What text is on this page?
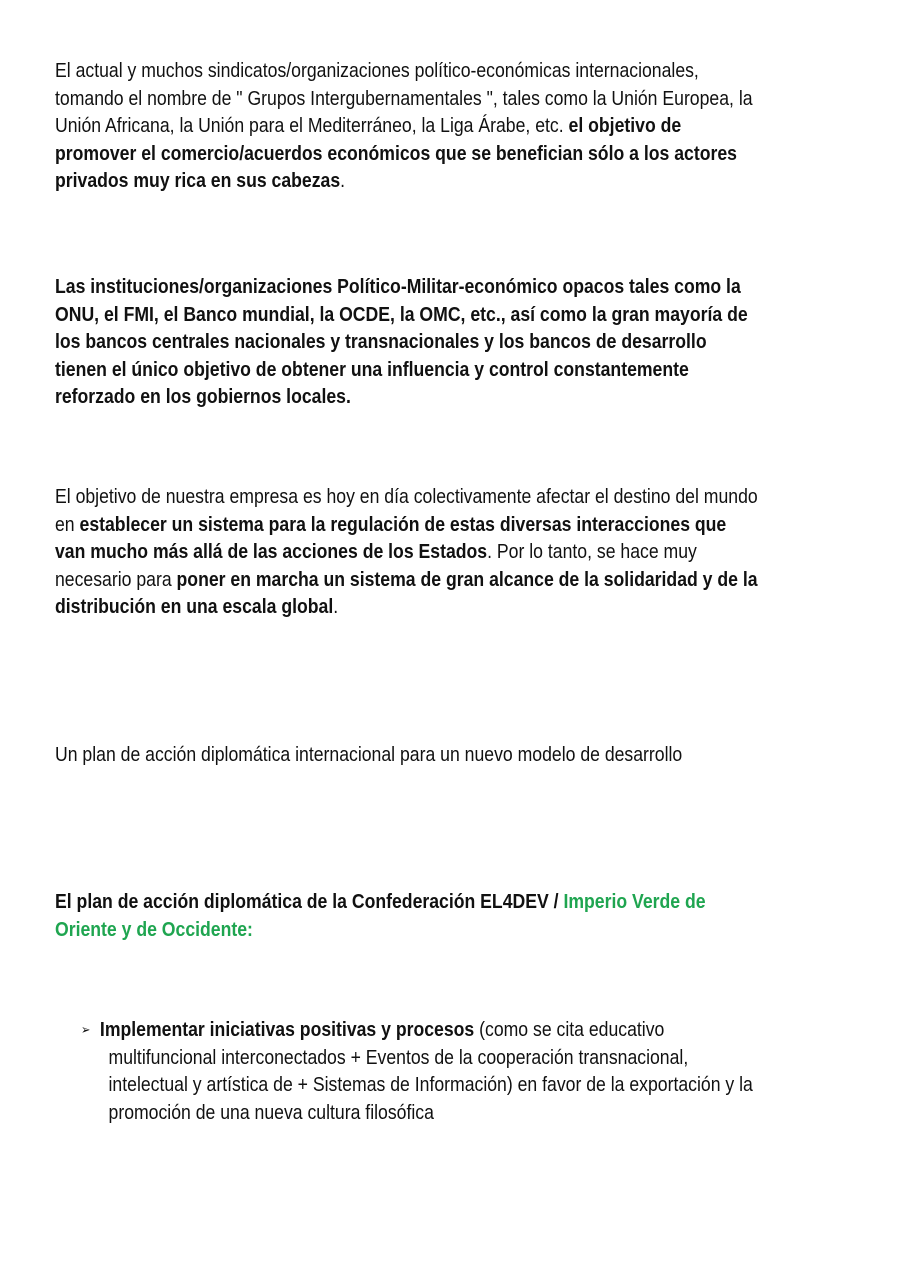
El actual y muchos sindicatos/organizaciones político-económicas internacionales,
tomando el nombre de " Grupos Intergubernamentales ", tales como la Unión Europea, la
Unión Africana, la Unión para el Mediterráneo, la Liga Árabe, etc. el objetivo de
promover el comercio/acuerdos económicos que se benefician sólo a los actores
privados muy rica en sus cabezas.
Las instituciones/organizaciones Político-Militar-económico opacos tales como la
ONU, el FMI, el Banco mundial, la OCDE, la OMC, etc., así como la gran mayoría de
los bancos centrales nacionales y transnacionales y los bancos de desarrollo
tienen el único objetivo de obtener una influencia y control constantemente
reforzado en los gobiernos locales.
El objetivo de nuestra empresa es hoy en día colectivamente afectar el destino del mundo
en establecer un sistema para la regulación de estas diversas interacciones que
van mucho más allá de las acciones de los Estados. Por lo tanto, se hace muy
necesario para poner en marcha un sistema de gran alcance de la solidaridad y de la
distribución en una escala global.
Un plan de acción diplomática internacional para un nuevo modelo de desarrollo
El plan de acción diplomática de la Confederación EL4DEV / Imperio Verde de
Oriente y de Occidente:
➢ Implementar iniciativas positivas y procesos (como se cita educativo
multifuncional interconectados + Eventos de la cooperación transnacional,
intelectual y artística de + Sistemas de Información) en favor de la exportación y la
promoción de una nueva cultura filosófica
